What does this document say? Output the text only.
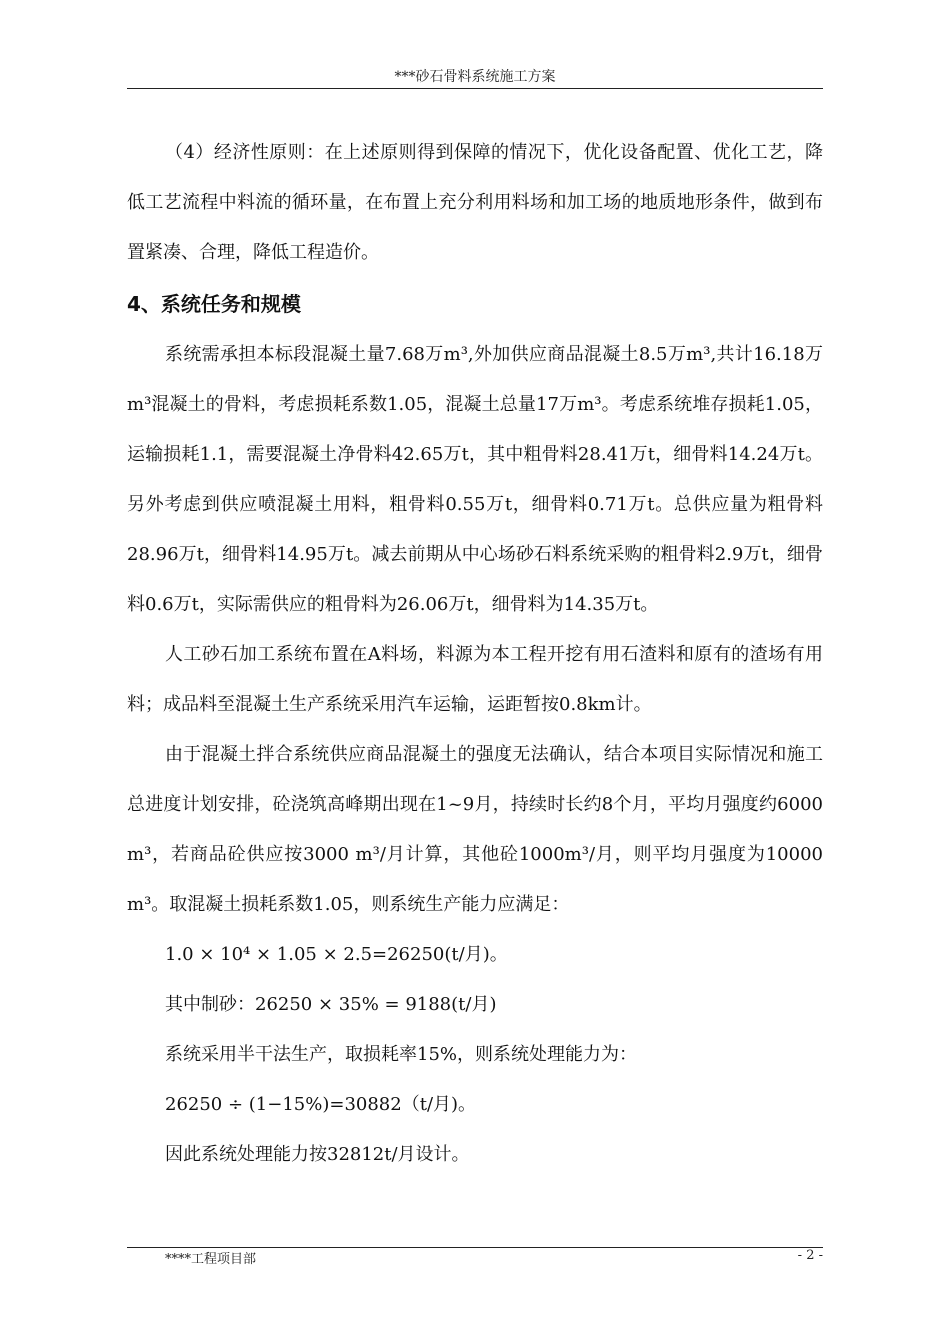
***砂石骨料系统施工方案

（4）经济性原则：在上述原则得到保障的情况下，优化设备配置、优化工艺，降低工艺流程中料流的循环量，在布置上充分利用料场和加工场的地质地形条件，做到布置紧凑、合理，降低工程造价。

4、系统任务和规模

系统需承担本标段混凝土量7.68万m³,外加供应商品混凝土8.5万m³,共计16.18万m³混凝土的骨料，考虑损耗系数1.05，混凝土总量17万m³。考虑系统堆存损耗1.05，运输损耗1.1，需要混凝土净骨料42.65万t，其中粗骨料28.41万t，细骨料14.24万t。另外考虑到供应喷混凝土用料，粗骨料0.55万t，细骨料0.71万t。总供应量为粗骨料28.96万t，细骨料14.95万t。减去前期从中心场砂石料系统采购的粗骨料2.9万t，细骨料0.6万t，实际需供应的粗骨料为26.06万t，细骨料为14.35万t。

人工砂石加工系统布置在A料场，料源为本工程开挖有用石渣料和原有的渣场有用料；成品料至混凝土生产系统采用汽车运输，运距暂按0.8km计。

由于混凝土拌合系统供应商品混凝土的强度无法确认，结合本项目实际情况和施工总进度计划安排，砼浇筑高峰期出现在1~9月，持续时长约8个月，平均月强度约6000 m³，若商品砼供应按3000 m³/月计算，其他砼1000m³/月，则平均月强度为10000 m³。取混凝土损耗系数1.05，则系统生产能力应满足：

1.0 × 10⁴ × 1.05 × 2.5=26250(t/月)。

其中制砂：26250 × 35% = 9188(t/月)

系统采用半干法生产，取损耗率15%，则系统处理能力为：

26250 ÷ (1−15%)=30882（t/月)。

因此系统处理能力按32812t/月设计。

****工程项目部	- 2 -
